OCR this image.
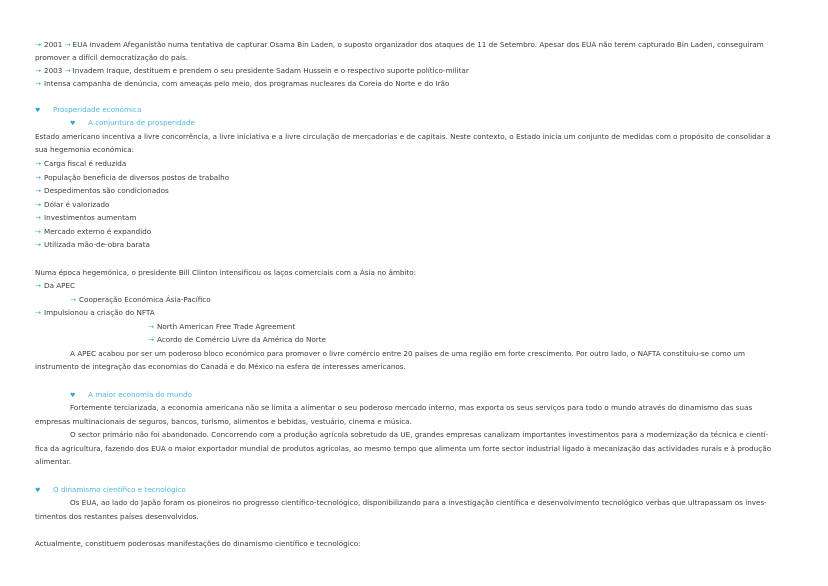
→ 2001 → EUA invadem Afeganistão numa tentativa de capturar Osama Bin Laden, o suposto organizador dos ataques de 11 de Setembro. Apesar dos EUA não terem capturado Bin Laden, conseguiram
promover a difícil democratização do país.
→ 2003 → Invadem Iraque, destituem e prendem o seu presidente Sadam Hussein e o respectivo suporte político-militar
→ Intensa campanha de denúncia, com ameaças pelo meio, dos programas nucleares da Coreia do Norte e do Irão
♥ Prosperidade económica
♥ A conjuntura de prosperidade
Estado americano incentiva a livre concorrência, a livre iniciativa e a livre circulação de mercadorias e de capitais. Neste contexto, o Estado inicia um conjunto de medidas com o propósito de consolidar a
sua hegemonia económica:
→ Carga fiscal é reduzida
→ População beneficia de diversos postos de trabalho
→ Despedimentos são condicionados
→ Dólar é valorizado
→ Investimentos aumentam
→ Mercado externo é expandido
→ Utilizada mão-de-obra barata
Numa época hegemónica, o presidente Bill Clinton intensificou os laços comerciais com a Ásia no âmbito:
→ Da APEC
→ Cooperação Económica Ásia-Pacífico
→ Impulsionou a criação do NFTA
→ North American Free Trade Agreement
→ Acordo de Comércio Livre da América do Norte
A APEC acabou por ser um poderoso bloco económico para promover o livre comércio entre 20 países de uma região em forte crescimento. Por outro lado, o NAFTA constituiu-se como um
instrumento de integração das economias do Canadá e do México na esfera de interesses americanos.
♥ A maior economia do mundo
Fortemente terciarizada, a economia americana não se limita a alimentar o seu poderoso mercado interno, mas exporta os seus serviços para todo o mundo através do dinamismo das suas
empresas multinacionais de seguros, bancos, turismo, alimentos e bebidas, vestuário, cinema e música.
O sector primário não foi abandonado. Concorrendo com a produção agrícola sobretudo da UE, grandes empresas canalizam importantes investimentos para a modernização da técnica e cientí-
fica da agricultura, fazendo dos EUA o maior exportador mundial de produtos agrícolas, ao mesmo tempo que alimenta um forte sector industrial ligado à mecanização das actividades rurais e à produção
alimentar.
♥ O dinamismo científico e tecnológico
Os EUA, ao lado do Japão foram os pioneiros no progresso científico-tecnológico, disponibilizando para a investigação científica e desenvolvimento tecnológico verbas que ultrapassam os inves-
timentos dos restantes países desenvolvidos.
Actualmente, constituem poderosas manifestações do dinamismo científico e tecnológico:
